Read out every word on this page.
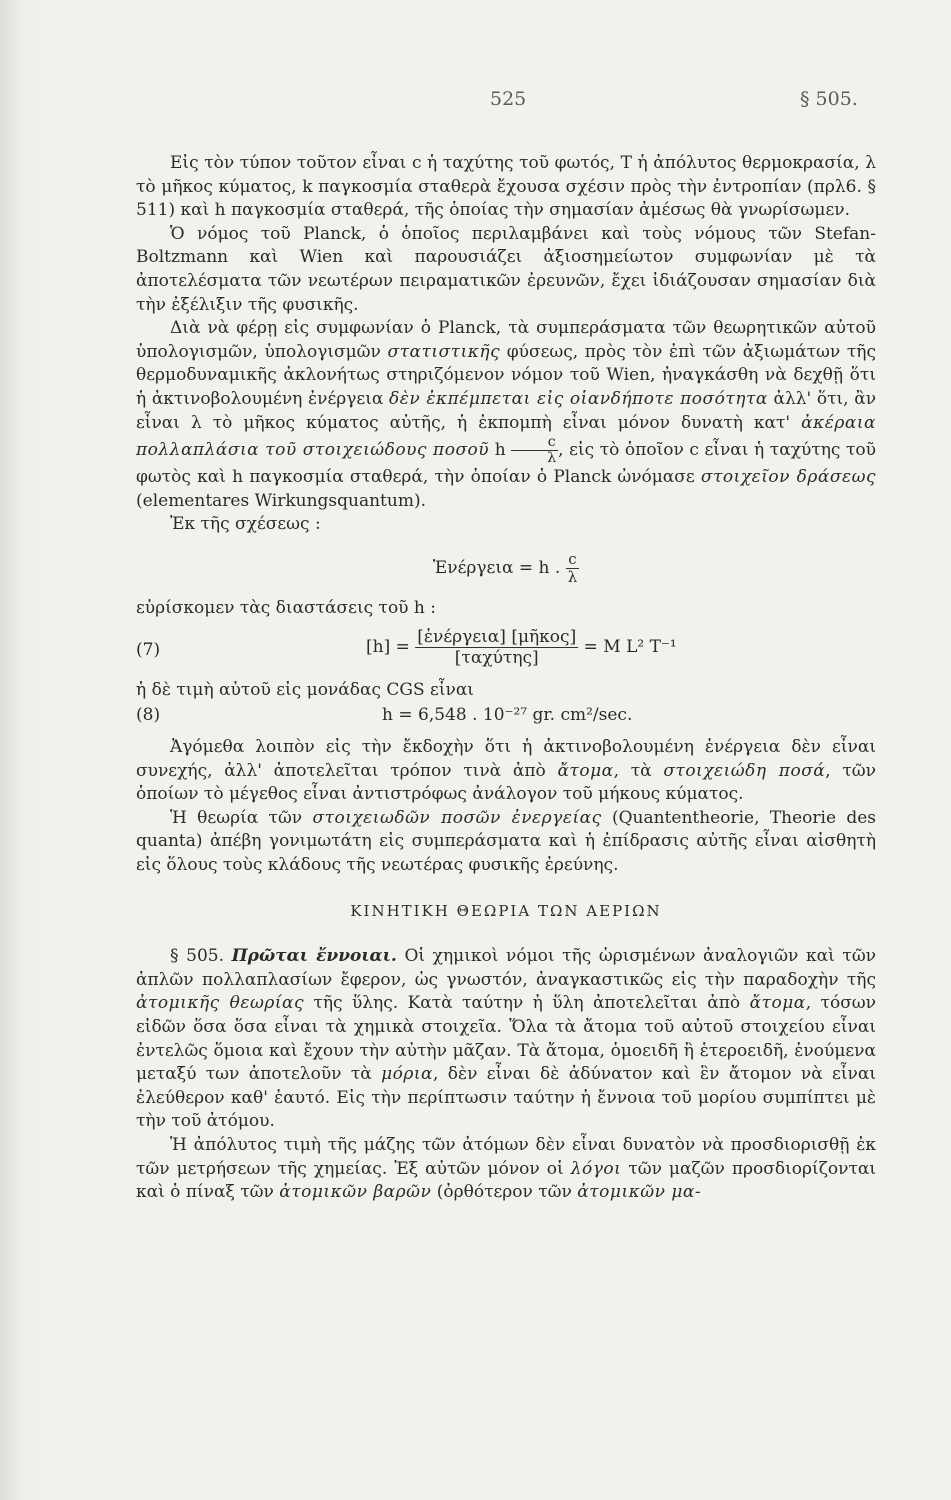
525	§ 505.

Εἰς τὸν τύπον τοῦτον εἶναι c ἡ ταχύτης τοῦ φωτός, T ἡ ἀπόλυτος θερμοκρασία, λ τὸ μῆκος κύματος, k παγκοσμία σταθερὰ ἔχουσα σχέσιν πρὸς τὴν ἐντροπίαν (πρλ6. § 511) καὶ h παγκοσμία σταθερά, τῆς ὁποίας τὴν σημασίαν ἀμέσως θὰ γνωρίσωμεν.

Ὁ νόμος τοῦ Planck, ὁ ὁποῖος περιλαμβάνει καὶ τοὺς νόμους τῶν Stefan-Boltzmann καὶ Wien καὶ παρουσιάζει ἀξιοσημείωτον συμφωνίαν μὲ τὰ ἀποτελέσματα τῶν νεωτέρων πειραματικῶν ἐρευνῶν, ἔχει ἰδιάζουσαν σημασίαν διὰ τὴν ἐξέλιξιν τῆς φυσικῆς.

Διὰ νὰ φέρῃ εἰς συμφωνίαν ὁ Planck, τὰ συμπεράσματα τῶν θεωρητικῶν αὐτοῦ ὑπολογισμῶν, ὑπολογισμῶν στατιστικῆς φύσεως, πρὸς τὸν ἐπὶ τῶν ἀξιωμάτων τῆς θερμοδυναμικῆς ἀκλονήτως στηριζόμενον νόμον τοῦ Wien, ἠναγκάσθη νὰ δεχθῇ ὅτι ἡ ἀκτινοβολουμένη ἐνέργεια δὲν ἐκπέμπεται εἰς οἱανδήποτε ποσότητα ἀλλ' ὅτι, ἂν εἶναι λ τὸ μῆκος κύματος αὐτῆς, ἡ ἐκπομπὴ εἶναι μόνον δυνατὴ κατ' ἀκέραια πολλαπλάσια τοῦ στοιχειώδους ποσοῦ h $\frac{c}{\lambda}$ , εἰς τὸ ὁποῖον c εἶναι ἡ ταχύτης τοῦ φωτὸς καὶ h παγκοσμία σταθερά, τὴν ὁποίαν ὁ Planck ὠνόμασε στοιχεῖον δράσεως (elementares Wirkungsquantum).

Ἐκ τῆς σχέσεως :

Ἐνέργεια = h . $\frac{c}{\lambda}$

εὑρίσκομεν τὰς διαστάσεις τοῦ h :

(7)	$[h] = \frac{\text{[ἐνέργεια] [μῆκος]}}{\text{[ταχύτης]}} = M$ L² T⁻¹

ἡ δὲ τιμὴ αὐτοῦ εἰς μονάδας CGS εἶναι

(8)	h = 6,548 . 10⁻²⁷ gr. cm²/sec.

Ἀγόμεθα λοιπὸν εἰς τὴν ἔκδοχὴν ὅτι ἡ ἀκτινοβολουμένη ἐνέργεια δὲν εἶναι συνεχής, ἀλλ' ἀποτελεῖται τρόπον τινὰ ἀπὸ ἄτομα, τὰ στοιχειώδη ποσά, τῶν ὁποίων τὸ μέγεθος εἶναι ἀντιστρόφως ἀνάλογον τοῦ μήκους κύματος.

Ἡ θεωρία τῶν στοιχειωδῶν ποσῶν ἐνεργείας (Quantentheorie, Theorie des quanta) ἀπέβη γονιμωτάτη εἰς συμπεράσματα καὶ ἡ ἐπίδρασις αὐτῆς εἶναι αἰσθητὴ εἰς ὅλους τοὺς κλάδους τῆς νεωτέρας φυσικῆς ἐρεύνης.

ΚΙΝΗΤΙΚΗ ΘΕΩΡΙΑ ΤΩΝ ΑΕΡΙΩΝ

§ 505. Πρῶται ἔννοιαι. Οἱ χημικοὶ νόμοι τῆς ὡρισμένων ἀναλογιῶν καὶ τῶν ἁπλῶν πολλαπλασίων ἔφερον, ὡς γνωστόν, ἀναγκαστικῶς εἰς τὴν παραδοχὴν τῆς ἀτομικῆς θεωρίας τῆς ὕλης. Κατὰ ταύτην ἡ ὕλη ἀποτελεῖται ἀπὸ ἄτομα, τόσων εἰδῶν ὅσα ὅσα εἶναι τὰ χημικὰ στοιχεῖα. Ὅλα τὰ ἄτομα τοῦ αὐτοῦ στοιχείου εἶναι ἐντελῶς ὅμοια καὶ ἔχουν τὴν αὐτὴν μᾶζαν. Τὰ ἄτομα, ὁμοειδῆ ἢ ἑτεροειδῆ, ἑνούμενα μεταξύ των ἀποτελοῦν τὰ μόρια, δὲν εἶναι δὲ ἀδύνατον καὶ ἓν ἄτομον νὰ εἶναι ἐλεύθερον καθ' ἑαυτό. Εἰς τὴν περίπτωσιν ταύτην ἡ ἔννοια τοῦ μορίου συμπίπτει μὲ τὴν τοῦ ἀτόμου.

Ἡ ἀπόλυτος τιμὴ τῆς μάζης τῶν ἀτόμων δὲν εἶναι δυνατὸν νὰ προσδιορισθῇ ἐκ τῶν μετρήσεων τῆς χημείας. Ἐξ αὐτῶν μόνον οἱ λόγοι τῶν μαζῶν προσδιορίζονται καὶ ὁ πίναξ τῶν ἀτομικῶν βαρῶν (ὀρθότερον τῶν ἀτομικῶν μα-
